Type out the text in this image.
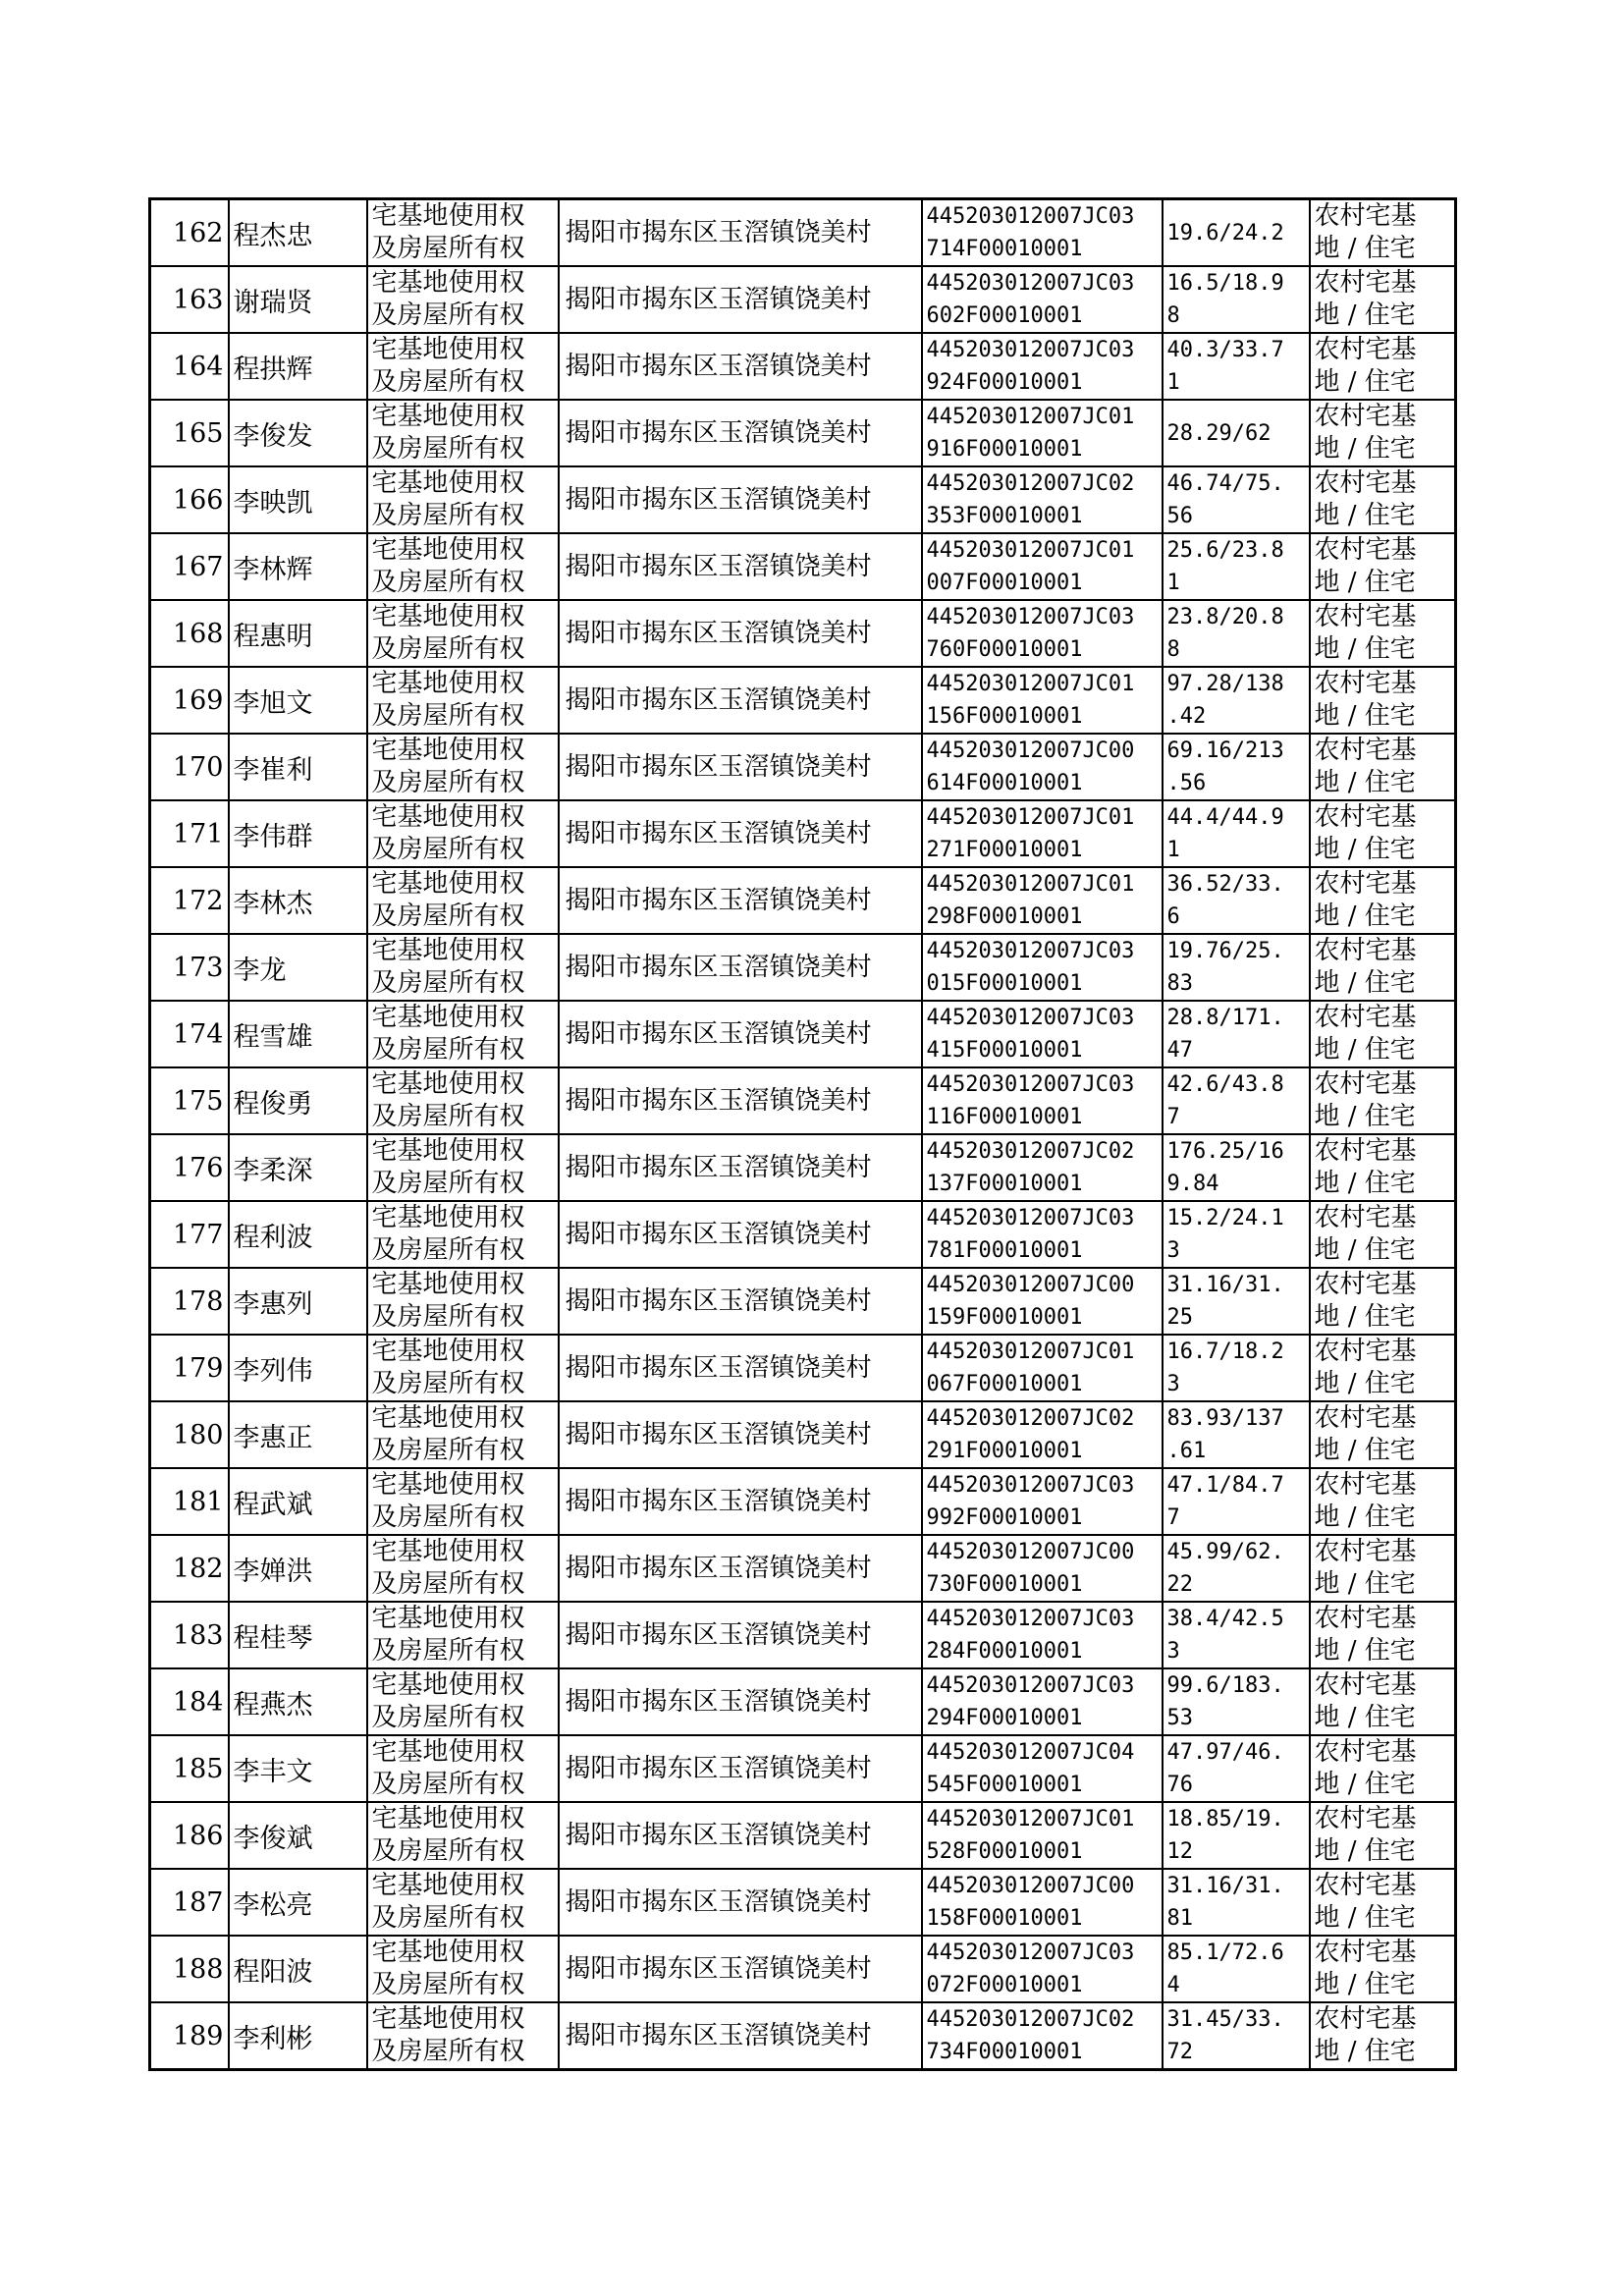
162	程杰忠	宅基地使用权
及房屋所有权	揭阳市揭东区玉滘镇饶美村	445203012007JC03
714F00010001	19.6/24.2	农村宅基
地 / 住宅

163	谢瑞贤	宅基地使用权
及房屋所有权	揭阳市揭东区玉滘镇饶美村	445203012007JC03
602F00010001	16.5/18.9
8	农村宅基
地 / 住宅

164	程拱辉	宅基地使用权
及房屋所有权	揭阳市揭东区玉滘镇饶美村	445203012007JC03
924F00010001	40.3/33.7
1	农村宅基
地 / 住宅

165	李俊发	宅基地使用权
及房屋所有权	揭阳市揭东区玉滘镇饶美村	445203012007JC01
916F00010001	28.29/62	农村宅基
地 / 住宅

166	李映凯	宅基地使用权
及房屋所有权	揭阳市揭东区玉滘镇饶美村	445203012007JC02
353F00010001	46.74/75.
56	农村宅基
地 / 住宅

167	李林辉	宅基地使用权
及房屋所有权	揭阳市揭东区玉滘镇饶美村	445203012007JC01
007F00010001	25.6/23.8
1	农村宅基
地 / 住宅

168	程惠明	宅基地使用权
及房屋所有权	揭阳市揭东区玉滘镇饶美村	445203012007JC03
760F00010001	23.8/20.8
8	农村宅基
地 / 住宅

169	李旭文	宅基地使用权
及房屋所有权	揭阳市揭东区玉滘镇饶美村	445203012007JC01
156F00010001	97.28/138
.42	农村宅基
地 / 住宅

170	李崔利	宅基地使用权
及房屋所有权	揭阳市揭东区玉滘镇饶美村	445203012007JC00
614F00010001	69.16/213
.56	农村宅基
地 / 住宅

171	李伟群	宅基地使用权
及房屋所有权	揭阳市揭东区玉滘镇饶美村	445203012007JC01
271F00010001	44.4/44.9
1	农村宅基
地 / 住宅

172	李林杰	宅基地使用权
及房屋所有权	揭阳市揭东区玉滘镇饶美村	445203012007JC01
298F00010001	36.52/33.
6	农村宅基
地 / 住宅

173	李龙	宅基地使用权
及房屋所有权	揭阳市揭东区玉滘镇饶美村	445203012007JC03
015F00010001	19.76/25.
83	农村宅基
地 / 住宅

174	程雪雄	宅基地使用权
及房屋所有权	揭阳市揭东区玉滘镇饶美村	445203012007JC03
415F00010001	28.8/171.
47	农村宅基
地 / 住宅

175	程俊勇	宅基地使用权
及房屋所有权	揭阳市揭东区玉滘镇饶美村	445203012007JC03
116F00010001	42.6/43.8
7	农村宅基
地 / 住宅

176	李柔深	宅基地使用权
及房屋所有权	揭阳市揭东区玉滘镇饶美村	445203012007JC02
137F00010001	176.25/16
9.84	农村宅基
地 / 住宅

177	程利波	宅基地使用权
及房屋所有权	揭阳市揭东区玉滘镇饶美村	445203012007JC03
781F00010001	15.2/24.1
3	农村宅基
地 / 住宅

178	李惠列	宅基地使用权
及房屋所有权	揭阳市揭东区玉滘镇饶美村	445203012007JC00
159F00010001	31.16/31.
25	农村宅基
地 / 住宅

179	李列伟	宅基地使用权
及房屋所有权	揭阳市揭东区玉滘镇饶美村	445203012007JC01
067F00010001	16.7/18.2
3	农村宅基
地 / 住宅

180	李惠正	宅基地使用权
及房屋所有权	揭阳市揭东区玉滘镇饶美村	445203012007JC02
291F00010001	83.93/137
.61	农村宅基
地 / 住宅

181	程武斌	宅基地使用权
及房屋所有权	揭阳市揭东区玉滘镇饶美村	445203012007JC03
992F00010001	47.1/84.7
7	农村宅基
地 / 住宅

182	李婵洪	宅基地使用权
及房屋所有权	揭阳市揭东区玉滘镇饶美村	445203012007JC00
730F00010001	45.99/62.
22	农村宅基
地 / 住宅

183	程桂琴	宅基地使用权
及房屋所有权	揭阳市揭东区玉滘镇饶美村	445203012007JC03
284F00010001	38.4/42.5
3	农村宅基
地 / 住宅

184	程燕杰	宅基地使用权
及房屋所有权	揭阳市揭东区玉滘镇饶美村	445203012007JC03
294F00010001	99.6/183.
53	农村宅基
地 / 住宅

185	李丰文	宅基地使用权
及房屋所有权	揭阳市揭东区玉滘镇饶美村	445203012007JC04
545F00010001	47.97/46.
76	农村宅基
地 / 住宅

186	李俊斌	宅基地使用权
及房屋所有权	揭阳市揭东区玉滘镇饶美村	445203012007JC01
528F00010001	18.85/19.
12	农村宅基
地 / 住宅

187	李松亮	宅基地使用权
及房屋所有权	揭阳市揭东区玉滘镇饶美村	445203012007JC00
158F00010001	31.16/31.
81	农村宅基
地 / 住宅

188	程阳波	宅基地使用权
及房屋所有权	揭阳市揭东区玉滘镇饶美村	445203012007JC03
072F00010001	85.1/72.6
4	农村宅基
地 / 住宅

189	李利彬	宅基地使用权
及房屋所有权	揭阳市揭东区玉滘镇饶美村	445203012007JC02
734F00010001	31.45/33.
72	农村宅基
地 / 住宅
